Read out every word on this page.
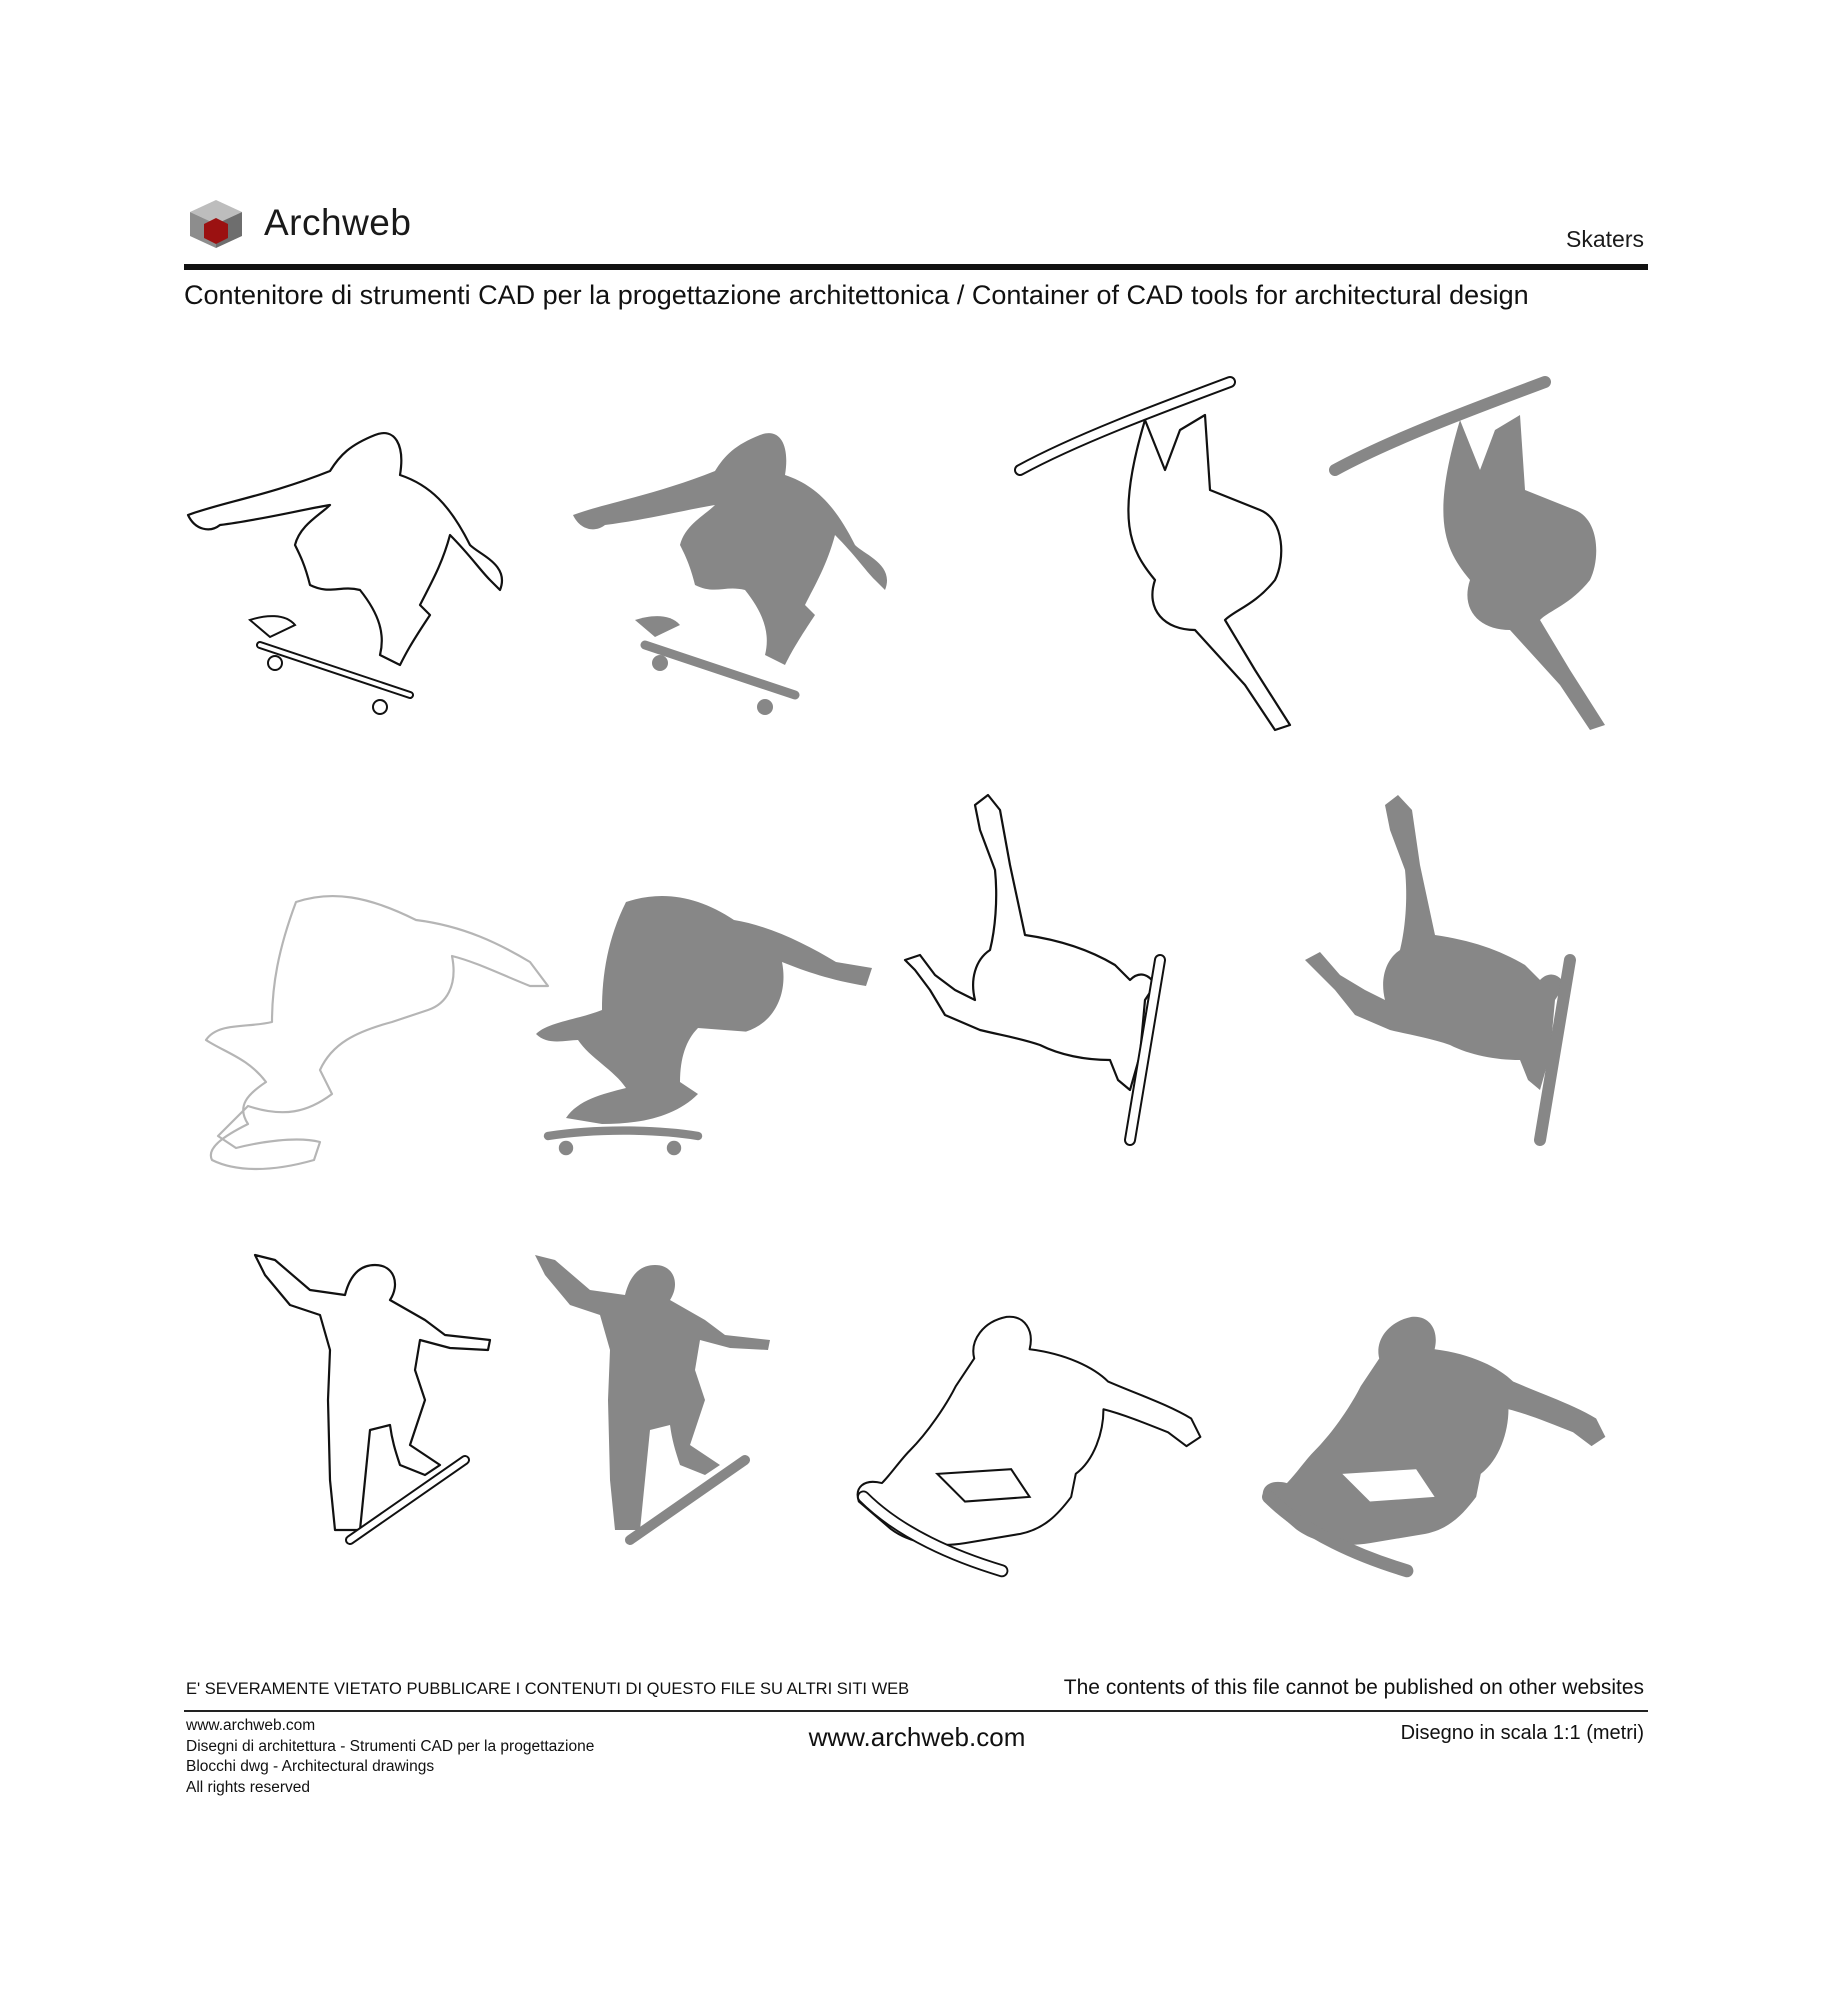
Archweb	Skaters
Contenitore di strumenti CAD per la progettazione architettonica / Container of CAD tools for architectural design
E' SEVERAMENTE VIETATO PUBBLICARE I CONTENUTI DI QUESTO FILE SU ALTRI SITI WEB	The contents of this file cannot be published on other websites
www.archweb.com
Disegni di architettura - Strumenti CAD per la progettazione
Blocchi dwg - Architectural drawings
All rights reserved
www.archweb.com	Disegno in scala 1:1 (metri)
